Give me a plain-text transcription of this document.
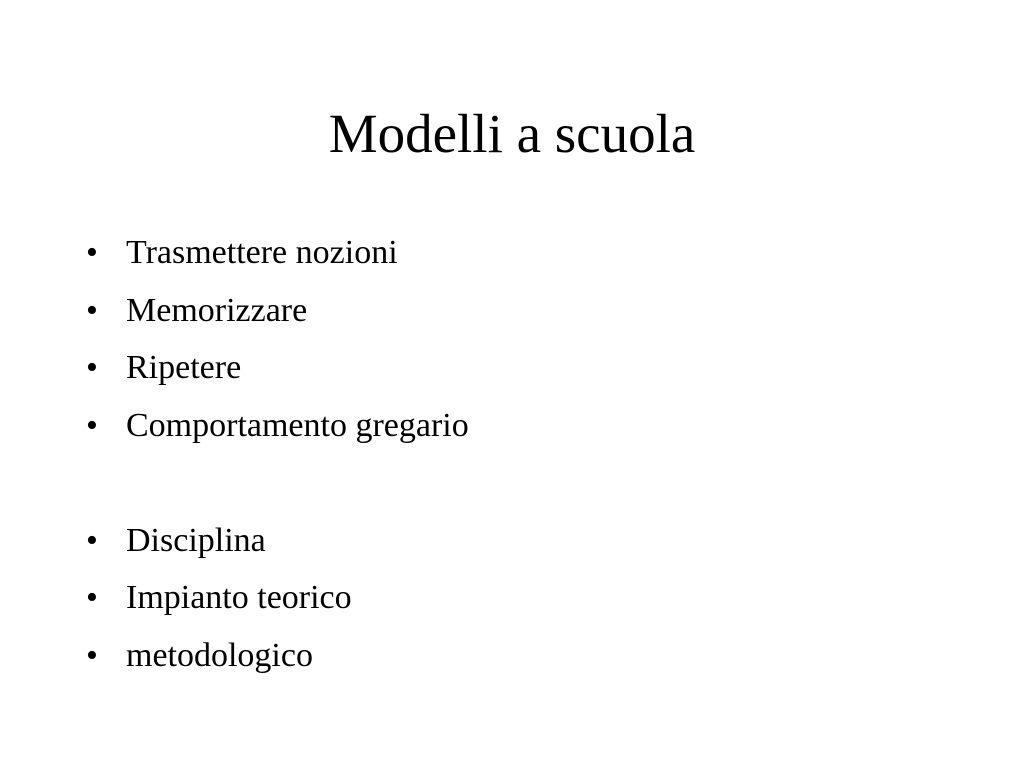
Modelli a scuola
• Trasmettere nozioni
• Memorizzare
• Ripetere
• Comportamento gregario
• Disciplina
• Impianto teorico
• metodologico
